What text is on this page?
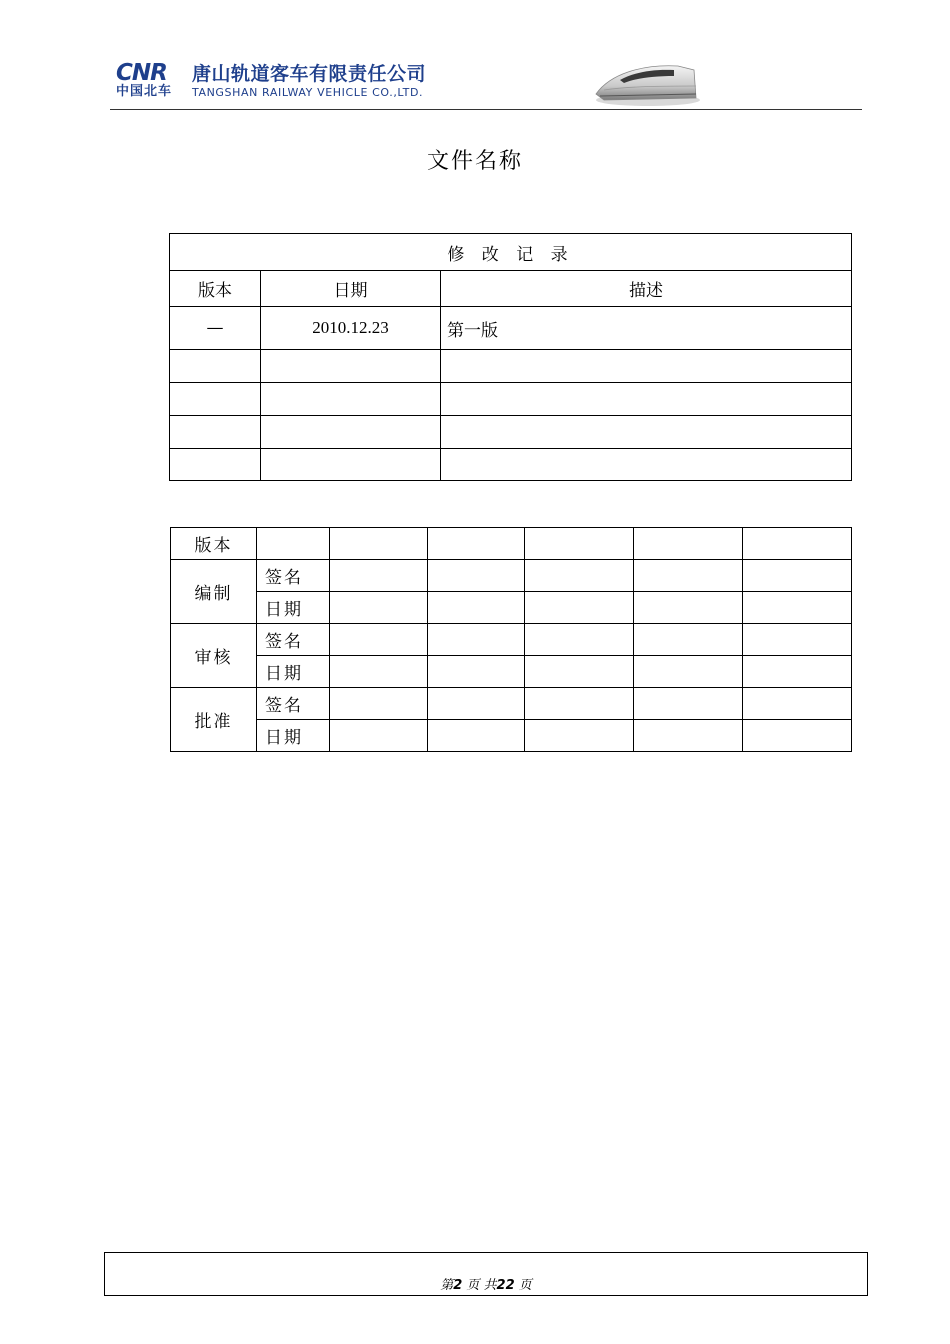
CNR
中国北车
唐山轨道客车有限责任公司
TANGSHAN RAILWAY VEHICLE CO.,LTD.
文件名称
修 改 记 录		
版本	日期	描述
—	2010.12.23	第一版

版本						
编制	签名					
	日期					
审核	签名					
	日期					
批准	签名					
	日期					
第2 页 共22 页
